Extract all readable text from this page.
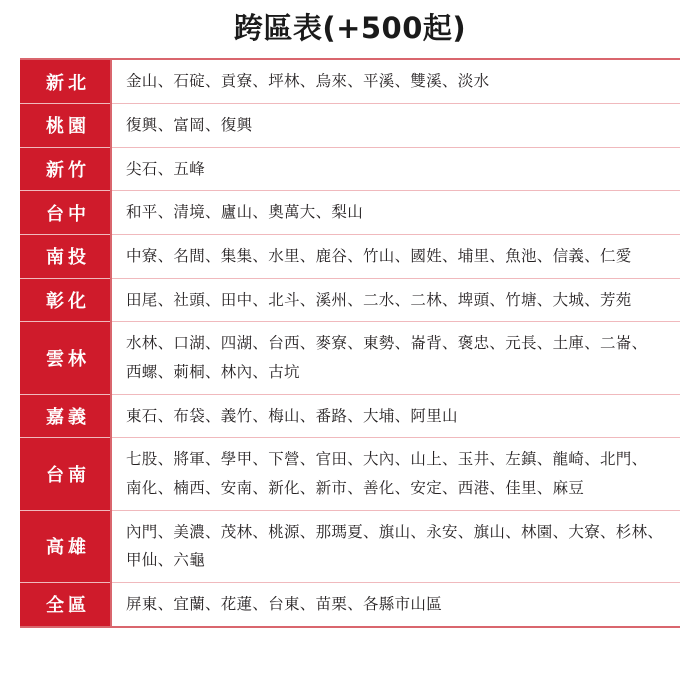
跨區表(+500起)
新北	金山、石碇、貢寮、坪林、烏來、平溪、雙溪、淡水

桃園	復興、富岡、復興

新竹	尖石、五峰

台中	和平、清境、廬山、奧萬大、梨山

南投	中寮、名間、集集、水里、鹿谷、竹山、國姓、埔里、魚池、信義、仁愛

彰化	田尾、社頭、田中、北斗、溪州、二水、二林、埤頭、竹塘、大城、芳苑

雲林	水林、口湖、四湖、台西、麥寮、東勢、崙背、褒忠、元長、土庫、二崙、
西螺、莿桐、林內、古坑

嘉義	東石、布袋、義竹、梅山、番路、大埔、阿里山

台南	七股、將軍、學甲、下營、官田、大內、山上、玉井、左鎮、龍崎、北門、
南化、楠西、安南、新化、新市、善化、安定、西港、佳里、麻豆

高雄	內門、美濃、茂林、桃源、那瑪夏、旗山、永安、旗山、林園、大寮、杉林、
甲仙、六龜

全區	屏東、宜蘭、花蓮、台東、苗栗、各縣市山區
